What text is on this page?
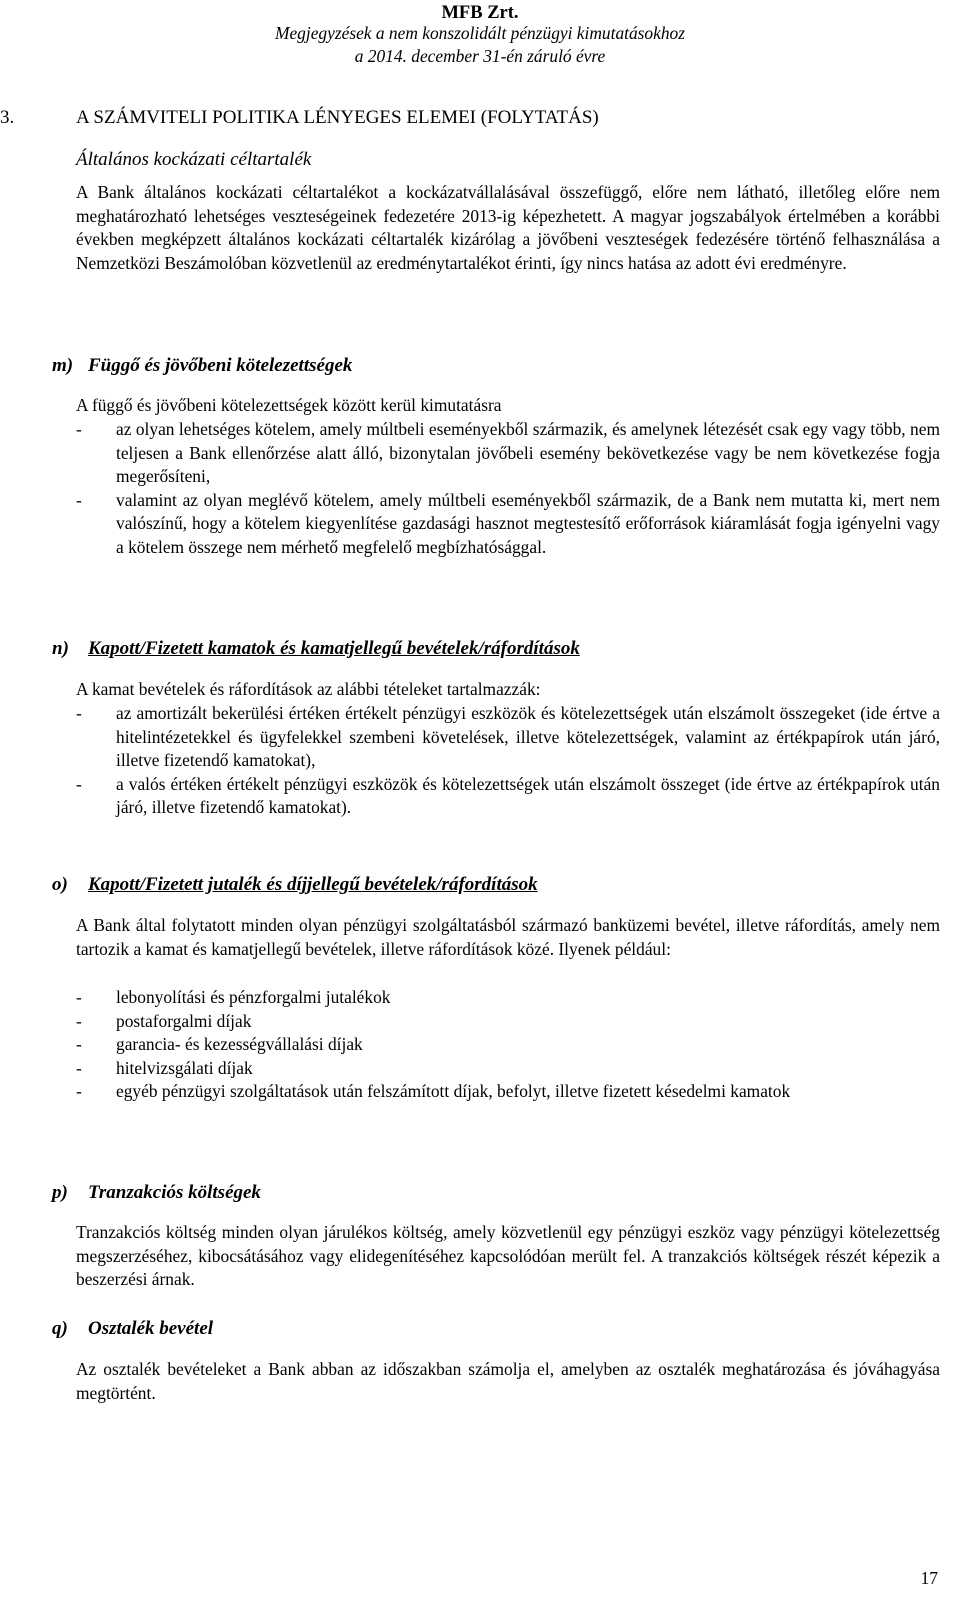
MFB Zrt.
Megjegyzések a nem konszolidált pénzügyi kimutatásokhoz
a 2014. december 31-én záruló évre
3.	A SZÁMVITELI POLITIKA LÉNYEGES ELEMEI (FOLYTATÁS)
Általános kockázati céltartalék
A Bank általános kockázati céltartalékot a kockázatvállalásával összefüggő, előre nem látható, illetőleg előre nem meghatározható lehetséges veszteségeinek fedezetére 2013-ig képezhetett. A magyar jogszabályok értelmében a korábbi években megképzett általános kockázati céltartalék kizárólag a jövőbeni veszteségek fedezésére történő felhasználása a Nemzetközi Beszámolóban közvetlenül az eredménytartalékot érinti, így nincs hatása az adott évi eredményre.
m) Függő és jövőbeni kötelezettségek
A függő és jövőbeni kötelezettségek között kerül kimutatásra
- az olyan lehetséges kötelem, amely múltbeli eseményekből származik, és amelynek létezését csak egy vagy több, nem teljesen a Bank ellenőrzése alatt álló, bizonytalan jövőbeli esemény bekövetkezése vagy be nem következése fogja megerősíteni,
- valamint az olyan meglévő kötelem, amely múltbeli eseményekből származik, de a Bank nem mutatta ki, mert nem valószínű, hogy a kötelem kiegyenlítése gazdasági hasznot megtestesítő erőforrások kiáramlását fogja igényelni vagy a kötelem összege nem mérhető megfelelő megbízhatósággal.
n) Kapott/Fizetett kamatok és kamatjellegű bevételek/ráfordítások
A kamat bevételek és ráfordítások az alábbi tételeket tartalmazzák:
- az amortizált bekerülési értéken értékelt pénzügyi eszközök és kötelezettségek után elszámolt összegeket (ide értve a hitelintézetekkel és ügyfelekkel szembeni követelések, illetve kötelezettségek, valamint az értékpapírok után járó, illetve fizetendő kamatokat),
- a valós értéken értékelt pénzügyi eszközök és kötelezettségek után elszámolt összeget (ide értve az értékpapírok után járó, illetve fizetendő kamatokat).
o) Kapott/Fizetett jutalék és díjjellegű bevételek/ráfordítások
A Bank által folytatott minden olyan pénzügyi szolgáltatásból származó banküzemi bevétel, illetve ráfordítás, amely nem tartozik a kamat és kamatjellegű bevételek, illetve ráfordítások közé. Ilyenek például:
- lebonyolítási és pénzforgalmi jutalékok
- postaforgalmi díjak
- garancia- és kezességvállalási díjak
- hitelvizsgálati díjak
- egyéb pénzügyi szolgáltatások után felszámított díjak, befolyt, illetve fizetett késedelmi kamatok
p) Tranzakciós költségek
Tranzakciós költség minden olyan járulékos költség, amely közvetlenül egy pénzügyi eszköz vagy pénzügyi kötelezettség megszerzéséhez, kibocsátásához vagy elidegenítéséhez kapcsolódóan merült fel. A tranzakciós költségek részét képezik a beszerzési árnak.
q) Osztalék bevétel
Az osztalék bevételeket a Bank abban az időszakban számolja el, amelyben az osztalék meghatározása és jóváhagyása megtörtént.
17
